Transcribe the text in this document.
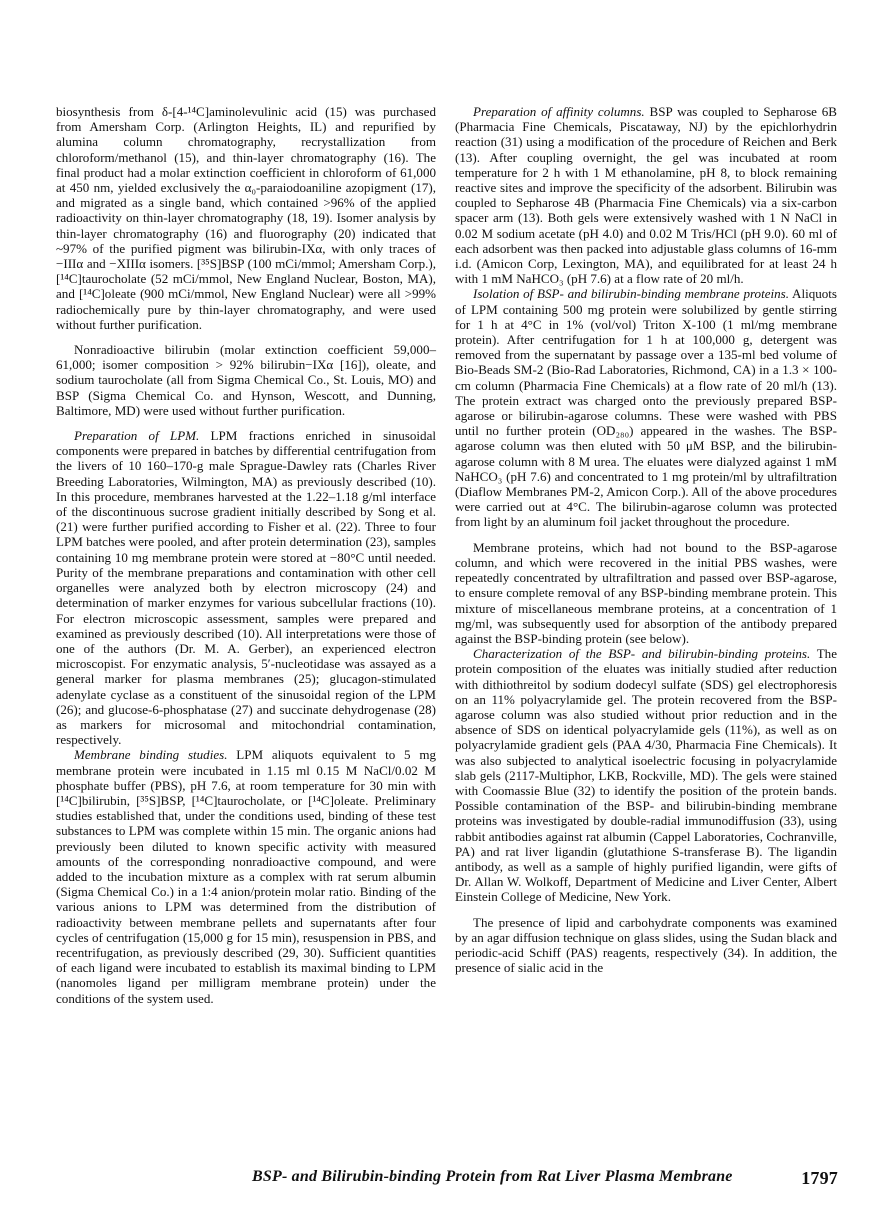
biosynthesis from δ-[4-¹⁴C]aminolevulinic acid (15) was purchased from Amersham Corp. (Arlington Heights, IL) and repurified by alumina column chromatography, recrystallization from chloroform/methanol (15), and thin-layer chromatography (16). The final product had a molar extinction coefficient in chloroform of 61,000 at 450 nm, yielded exclusively the α₀-paraiodoaniline azopigment (17), and migrated as a single band, which contained >96% of the applied radioactivity on thin-layer chromatography (18, 19). Isomer analysis by thin-layer chromatography (16) and fluorography (20) indicated that ~97% of the purified pigment was bilirubin-IXα, with only traces of −IIIα and −XIIIα isomers. [³⁵S]BSP (100 mCi/mmol; Amersham Corp.), [¹⁴C]taurocholate (52 mCi/mmol, New England Nuclear, Boston, MA), and [¹⁴C]oleate (900 mCi/mmol, New England Nuclear) were all >99% radiochemically pure by thin-layer chromatography, and were used without further purification.

Nonradioactive bilirubin (molar extinction coefficient 59,000–61,000; isomer composition > 92% bilirubin−IXα [16]), oleate, and sodium taurocholate (all from Sigma Chemical Co., St. Louis, MO) and BSP (Sigma Chemical Co. and Hynson, Wescott, and Dunning, Baltimore, MD) were used without further purification.

Preparation of LPM. LPM fractions enriched in sinusoidal components were prepared in batches by differential centrifugation from the livers of 10 160–170-g male Sprague-Dawley rats (Charles River Breeding Laboratories, Wilmington, MA) as previously described (10). In this procedure, membranes harvested at the 1.22–1.18 g/ml interface of the discontinuous sucrose gradient initially described by Song et al. (21) were further purified according to Fisher et al. (22). Three to four LPM batches were pooled, and after protein determination (23), samples containing 10 mg membrane protein were stored at −80°C until needed. Purity of the membrane preparations and contamination with other cell organelles were analyzed both by electron microscopy (24) and determination of marker enzymes for various subcellular fractions (10). For electron microscopic assessment, samples were prepared and examined as previously described (10). All interpretations were those of one of the authors (Dr. M. A. Gerber), an experienced electron microscopist. For enzymatic analysis, 5′-nucleotidase was assayed as a general marker for plasma membranes (25); glucagon-stimulated adenylate cyclase as a constituent of the sinusoidal region of the LPM (26); and glucose-6-phosphatase (27) and succinate dehydrogenase (28) as markers for microsomal and mitochondrial contamination, respectively.

Membrane binding studies. LPM aliquots equivalent to 5 mg membrane protein were incubated in 1.15 ml 0.15 M NaCl/0.02 M phosphate buffer (PBS), pH 7.6, at room temperature for 30 min with [¹⁴C]bilirubin, [³⁵S]BSP, [¹⁴C]taurocholate, or [¹⁴C]oleate. Preliminary studies established that, under the conditions used, binding of these test substances to LPM was complete within 15 min. The organic anions had previously been diluted to known specific activity with measured amounts of the corresponding nonradioactive compound, and were added to the incubation mixture as a complex with rat serum albumin (Sigma Chemical Co.) in a 1:4 anion/protein molar ratio. Binding of the various anions to LPM was determined from the distribution of radioactivity between membrane pellets and supernatants after four cycles of centrifugation (15,000 g for 15 min), resuspension in PBS, and recentrifugation, as previously described (29, 30). Sufficient quantities of each ligand were incubated to establish its maximal binding to LPM (nanomoles ligand per milligram membrane protein) under the conditions of the system used.

Preparation of affinity columns. BSP was coupled to Sepharose 6B (Pharmacia Fine Chemicals, Piscataway, NJ) by the epichlorhydrin reaction (31) using a modification of the procedure of Reichen and Berk (13). After coupling overnight, the gel was incubated at room temperature for 2 h with 1 M ethanolamine, pH 8, to block remaining reactive sites and improve the specificity of the adsorbent. Bilirubin was coupled to Sepharose 4B (Pharmacia Fine Chemicals) via a six-carbon spacer arm (13). Both gels were extensively washed with 1 N NaCl in 0.02 M sodium acetate (pH 4.0) and 0.02 M Tris/HCl (pH 9.0). 60 ml of each adsorbent was then packed into adjustable glass columns of 16-mm i.d. (Amicon Corp, Lexington, MA), and equilibrated for at least 24 h with 1 mM NaHCO₃ (pH 7.6) at a flow rate of 20 ml/h.

Isolation of BSP- and bilirubin-binding membrane proteins. Aliquots of LPM containing 500 mg protein were solubilized by gentle stirring for 1 h at 4°C in 1% (vol/vol) Triton X-100 (1 ml/mg membrane protein). After centrifugation for 1 h at 100,000 g, detergent was removed from the supernatant by passage over a 135-ml bed volume of Bio-Beads SM-2 (Bio-Rad Laboratories, Richmond, CA) in a 1.3 × 100-cm column (Pharmacia Fine Chemicals) at a flow rate of 20 ml/h (13). The protein extract was charged onto the previously prepared BSP-agarose or bilirubin-agarose columns. These were washed with PBS until no further protein (OD₂₈₀) appeared in the washes. The BSP-agarose column was then eluted with 50 μM BSP, and the bilirubin-agarose column with 8 M urea. The eluates were dialyzed against 1 mM NaHCO₃ (pH 7.6) and concentrated to 1 mg protein/ml by ultrafiltration (Diaflow Membranes PM-2, Amicon Corp.). All of the above procedures were carried out at 4°C. The bilirubin-agarose column was protected from light by an aluminum foil jacket throughout the procedure.

Membrane proteins, which had not bound to the BSP-agarose column, and which were recovered in the initial PBS washes, were repeatedly concentrated by ultrafiltration and passed over BSP-agarose, to ensure complete removal of any BSP-binding membrane protein. This mixture of miscellaneous membrane proteins, at a concentration of 1 mg/ml, was subsequently used for absorption of the antibody prepared against the BSP-binding protein (see below).

Characterization of the BSP- and bilirubin-binding proteins. The protein composition of the eluates was initially studied after reduction with dithiothreitol by sodium dodecyl sulfate (SDS) gel electrophoresis on an 11% polyacrylamide gel. The protein recovered from the BSP-agarose column was also studied without prior reduction and in the absence of SDS on identical polyacrylamide gels (11%), as well as on polyacrylamide gradient gels (PAA 4/30, Pharmacia Fine Chemicals). It was also subjected to analytical isoelectric focusing in polyacrylamide slab gels (2117-Multiphor, LKB, Rockville, MD). The gels were stained with Coomassie Blue (32) to identify the position of the protein bands. Possible contamination of the BSP- and bilirubin-binding membrane proteins was investigated by double-radial immunodiffusion (33), using rabbit antibodies against rat albumin (Cappel Laboratories, Cochranville, PA) and rat liver ligandin (glutathione S-transferase B). The ligandin antibody, as well as a sample of highly purified ligandin, were gifts of Dr. Allan W. Wolkoff, Department of Medicine and Liver Center, Albert Einstein College of Medicine, New York.

The presence of lipid and carbohydrate components was examined by an agar diffusion technique on glass slides, using the Sudan black and periodic-acid Schiff (PAS) reagents, respectively (34). In addition, the presence of sialic acid in the

BSP- and Bilirubin-binding Protein from Rat Liver Plasma Membrane	1797
